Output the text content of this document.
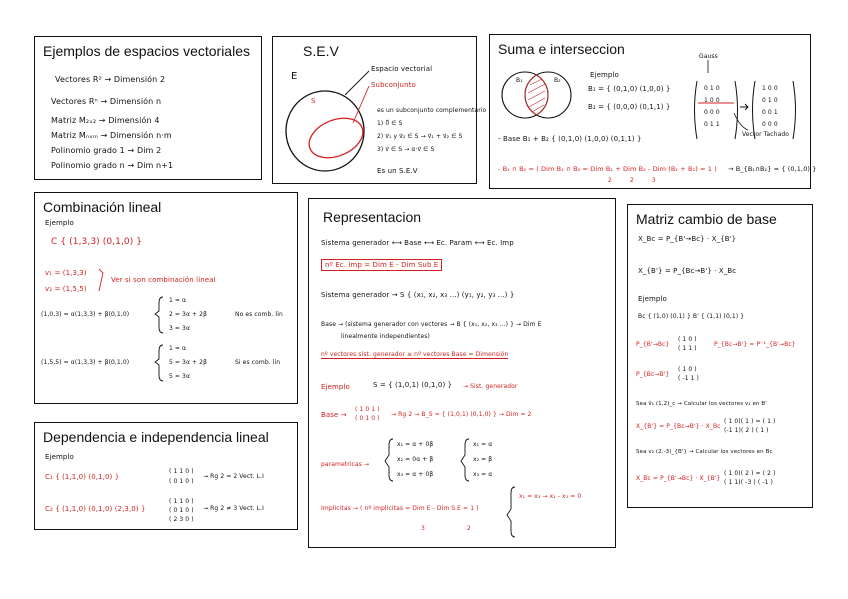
Ejemplos de espacios vectoriales
Vectores R² → Dimensión 2
Vectores Rⁿ → Dimensión n
Matriz M₂ₓ₂ → Dimensión 4
Matriz Mₙₓₘ → Dimensión n·m
Polinomio grado 1 → Dim 2
Polinomio grado n → Dim n+1
S.E.V
E
S
Espacio vectorial
Subconjunto
es un subconjunto complementario
1) 0⃗ ∈ S
2) v⃗₁ y v⃗₂ ∈ S → v⃗₁ + v⃗₂ ∈ S
3) v⃗ ∈ S → α·v⃗ ∈ S
Es un S.E.V
Suma e interseccion
B₁	B₂
Ejemplo
B₁ = { (0,1,0) (1,0,0) }
B₂ = { (0,0,0) (0,1,1) }
Gauss
0 1 0
1 0 0
0 0 0
0 1 1
1 0 0
0 1 0
0 0 1
0 0 0
Vector Tachado
- Base B₁ + B₂ { (0,1,0) (1,0,0) (0,1,1) }
- B₁ ∩ B₂ = ( Dim B₁ ∩ B₂ = Dim B₁ + Dim B₂ - Dim (B₁ + B₂) = 1 ) → B_{B₁∩B₂} = { (0,1,0) }
2 2 3
Combinación lineal
Ejemplo
C { (1,3,3) (0,1,0) }
v₁ = (1,3,3)
v₂ = (1,5,5)
Ver si son combinación lineal
(1,0,3) = α(1,3,3) + β(0,1,0)
1 = α
2 = 3α + 2β
3 = 3α
No es comb. lin
(1,5,5) = α(1,3,3) + β(0,1,0)
1 = α
5 = 3α + 2β
5 = 3α
Si es comb. lin
Dependencia e independencia lineal
Ejemplo
C₁ { (1,1,0) (0,1,0) }
( 1 1 0 )
( 0 1 0 )
→ Rg 2 = 2 Vect. L.I
C₂ { (1,1,0) (0,1,0) (2,3,0) }
( 1 1 0 )
( 0 1 0 )
( 2 3 0 )
→ Rg 2 ≠ 3 Vect. L.I
Representacion
Sistema generador ⟷ Base ⟷ Ec. Param ⟷ Ec. Imp
nº Ec. imp = Dim E - Dim Sub E
Sistema generador → S { (x₁, x₂, x₃ ...) (y₁, y₂, y₃ ...) }
Base → (sistema generador con vectores → B { (x₁, x₂, x₃ ...) } → Dim E
linealmente independientes)
nº vectores sist. generador ≥ nº vectores Base = Dimensión
Ejemplo	S = { (1,0,1) (0,1,0) } → Sist. generador
Base →
( 1 0 1 )
( 0 1 0 )
→ Rg 2 → B_S = { (1,0,1) (0,1,0) } → Dim = 2
parametricas →
x₁ = α + 0β
x₂ = 0α + β
x₃ = α + 0β
x₁ = α
x₂ = β
x₃ = α
Implicitas → ( nº implicitas = Dim E - Dim S.E = 1 )
3	2
x₁ = x₃ → x₁ - x₃ = 0
Matriz cambio de base
X_Bc = P_{B'→Bc} · X_{B'}
X_{B'} = P_{Bc→B'} · X_Bc
Ejemplo
Bc { (1,0) (0,1) } B' { (1,1) (0,1) }
P_{B'→Bc}
( 1 0 )
( 1 1 )
P_{Bc→B'} = P⁻¹_{B'→Bc}
P_{Bc→B'}
( 1 0 )
( -1 1 )
Sea v⃗₁ (1,2)_c → Calcular los vectores v₁ en B'
X_{B'} = P_{Bc→B'} · X_Bc
( 1 0)( 1 ) = ( 1 )
(-1 1)( 2 ) ( 1 )
Sea v₂ (2,-3)_{B'} → Calcular los vectores en Bc
X_Bc = P_{B'→Bc} · X_{B'}
( 1 0)( 2 ) = ( 2 )
( 1 1)( -3 ) ( -1 )
